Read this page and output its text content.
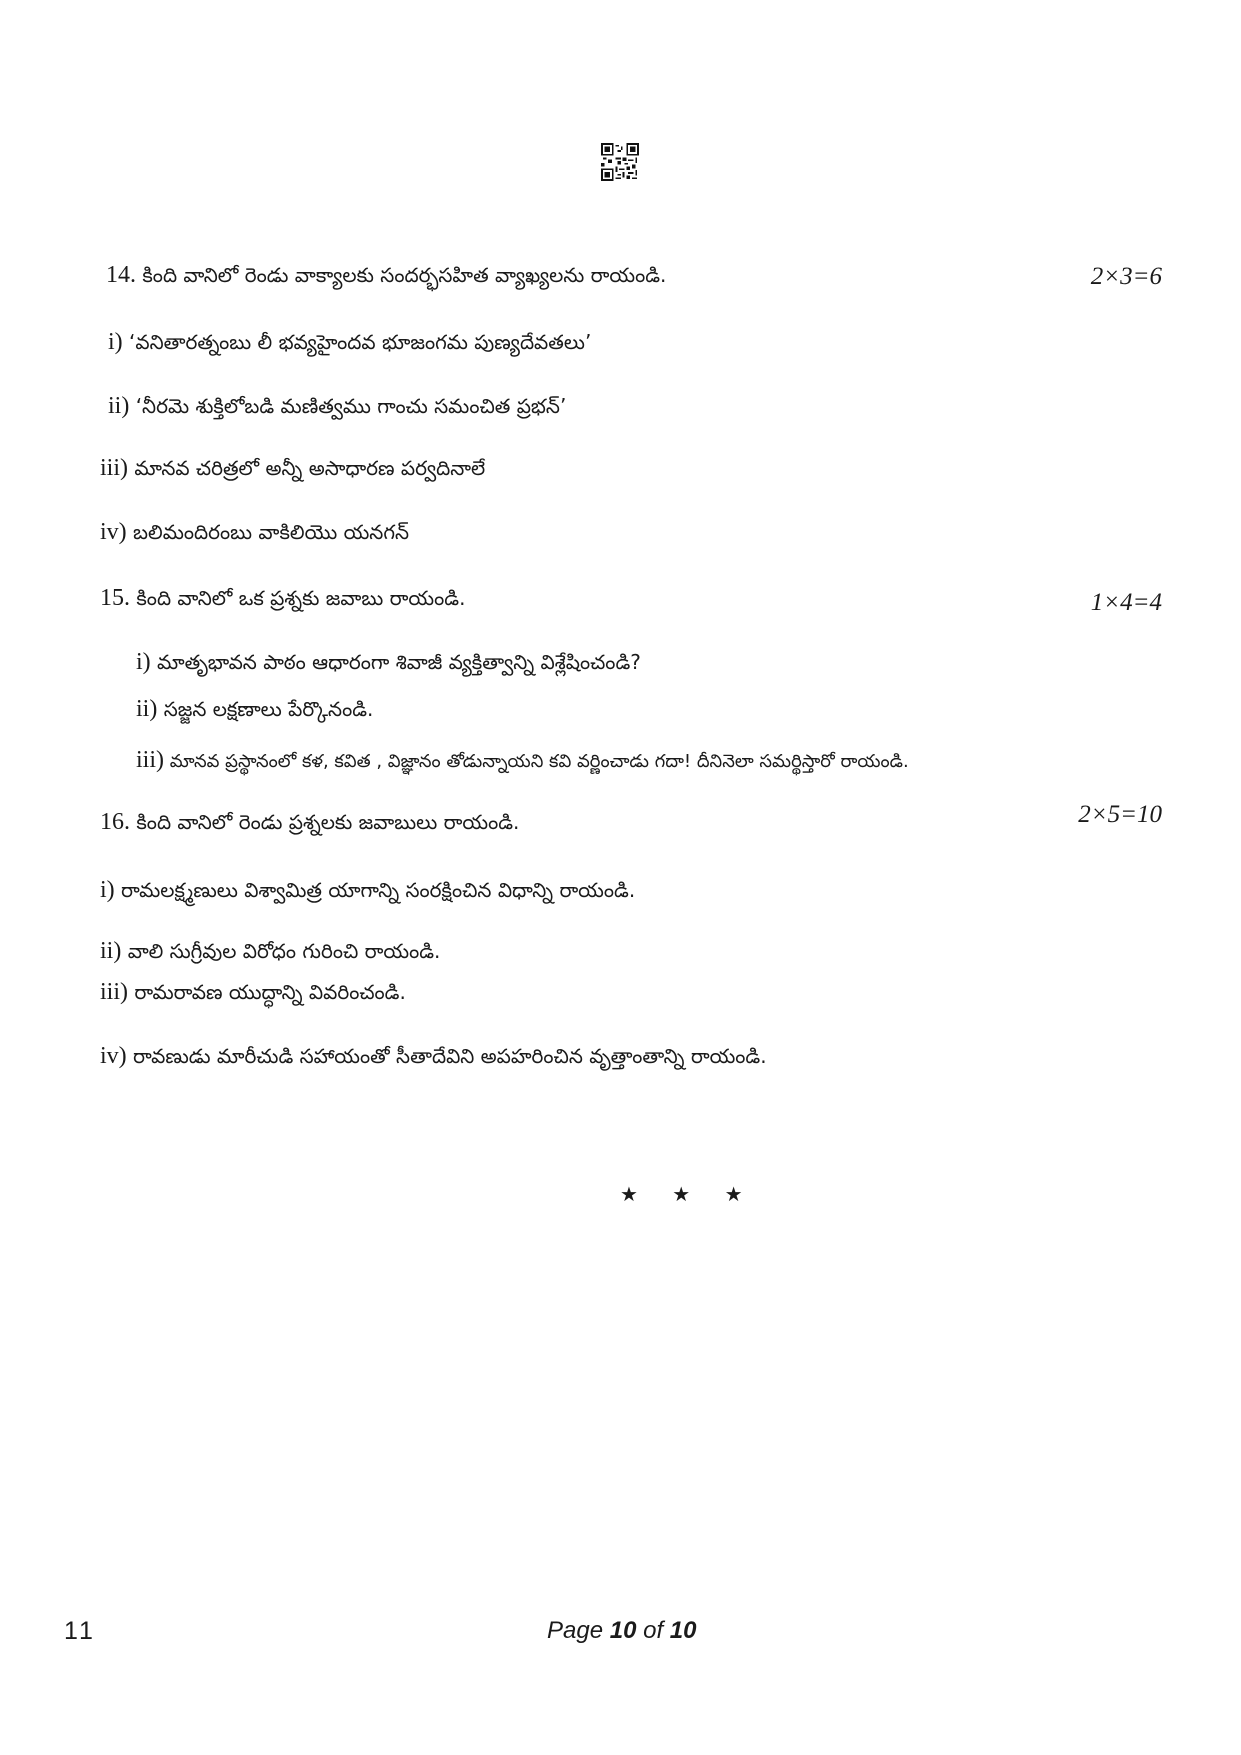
14. కింది వానిలో రెండు వాక్యాలకు సందర్భసహిత వ్యాఖ్యలను రాయండి.	2×3=6
i) ‘వనితారత్నంబు లీ భవ్యహైందవ భూజంగమ పుణ్యదేవతలు’
ii) ‘నీరమె శుక్తిలోబడి మణిత్వము గాంచు సమంచిత ప్రభన్’
iii) మానవ చరిత్రలో అన్నీ అసాధారణ పర్వదినాలే
iv) బలిమందిరంబు వాకిలియొ యనగన్
15. కింది వానిలో ఒక ప్రశ్నకు జవాబు రాయండి.	1×4=4
i) మాతృభావన పాఠం ఆధారంగా శివాజీ వ్యక్తిత్వాన్ని విశ్లేషించండి?
ii) సజ్జన లక్షణాలు పేర్కొనండి.
iii) మానవ ప్రస్థానంలో కళ, కవిత , విజ్ఞానం తోడున్నాయని కవి వర్ణించాడు గదా! దీనినెలా సమర్థిస్తారో రాయండి.
16. కింది వానిలో రెండు ప్రశ్నలకు జవాబులు రాయండి.	2×5=10
i) రామలక్ష్మణులు విశ్వామిత్ర యాగాన్ని సంరక్షించిన విధాన్ని రాయండి.
ii) వాలి సుగ్రీవుల విరోధం గురించి రాయండి.
iii) రామరావణ యుద్ధాన్ని వివరించండి.
iv) రావణుడు మారీచుడి సహాయంతో సీతాదేవిని అపహరించిన వృత్తాంతాన్ని రాయండి.
★ ★ ★
11	Page 10 of 10
